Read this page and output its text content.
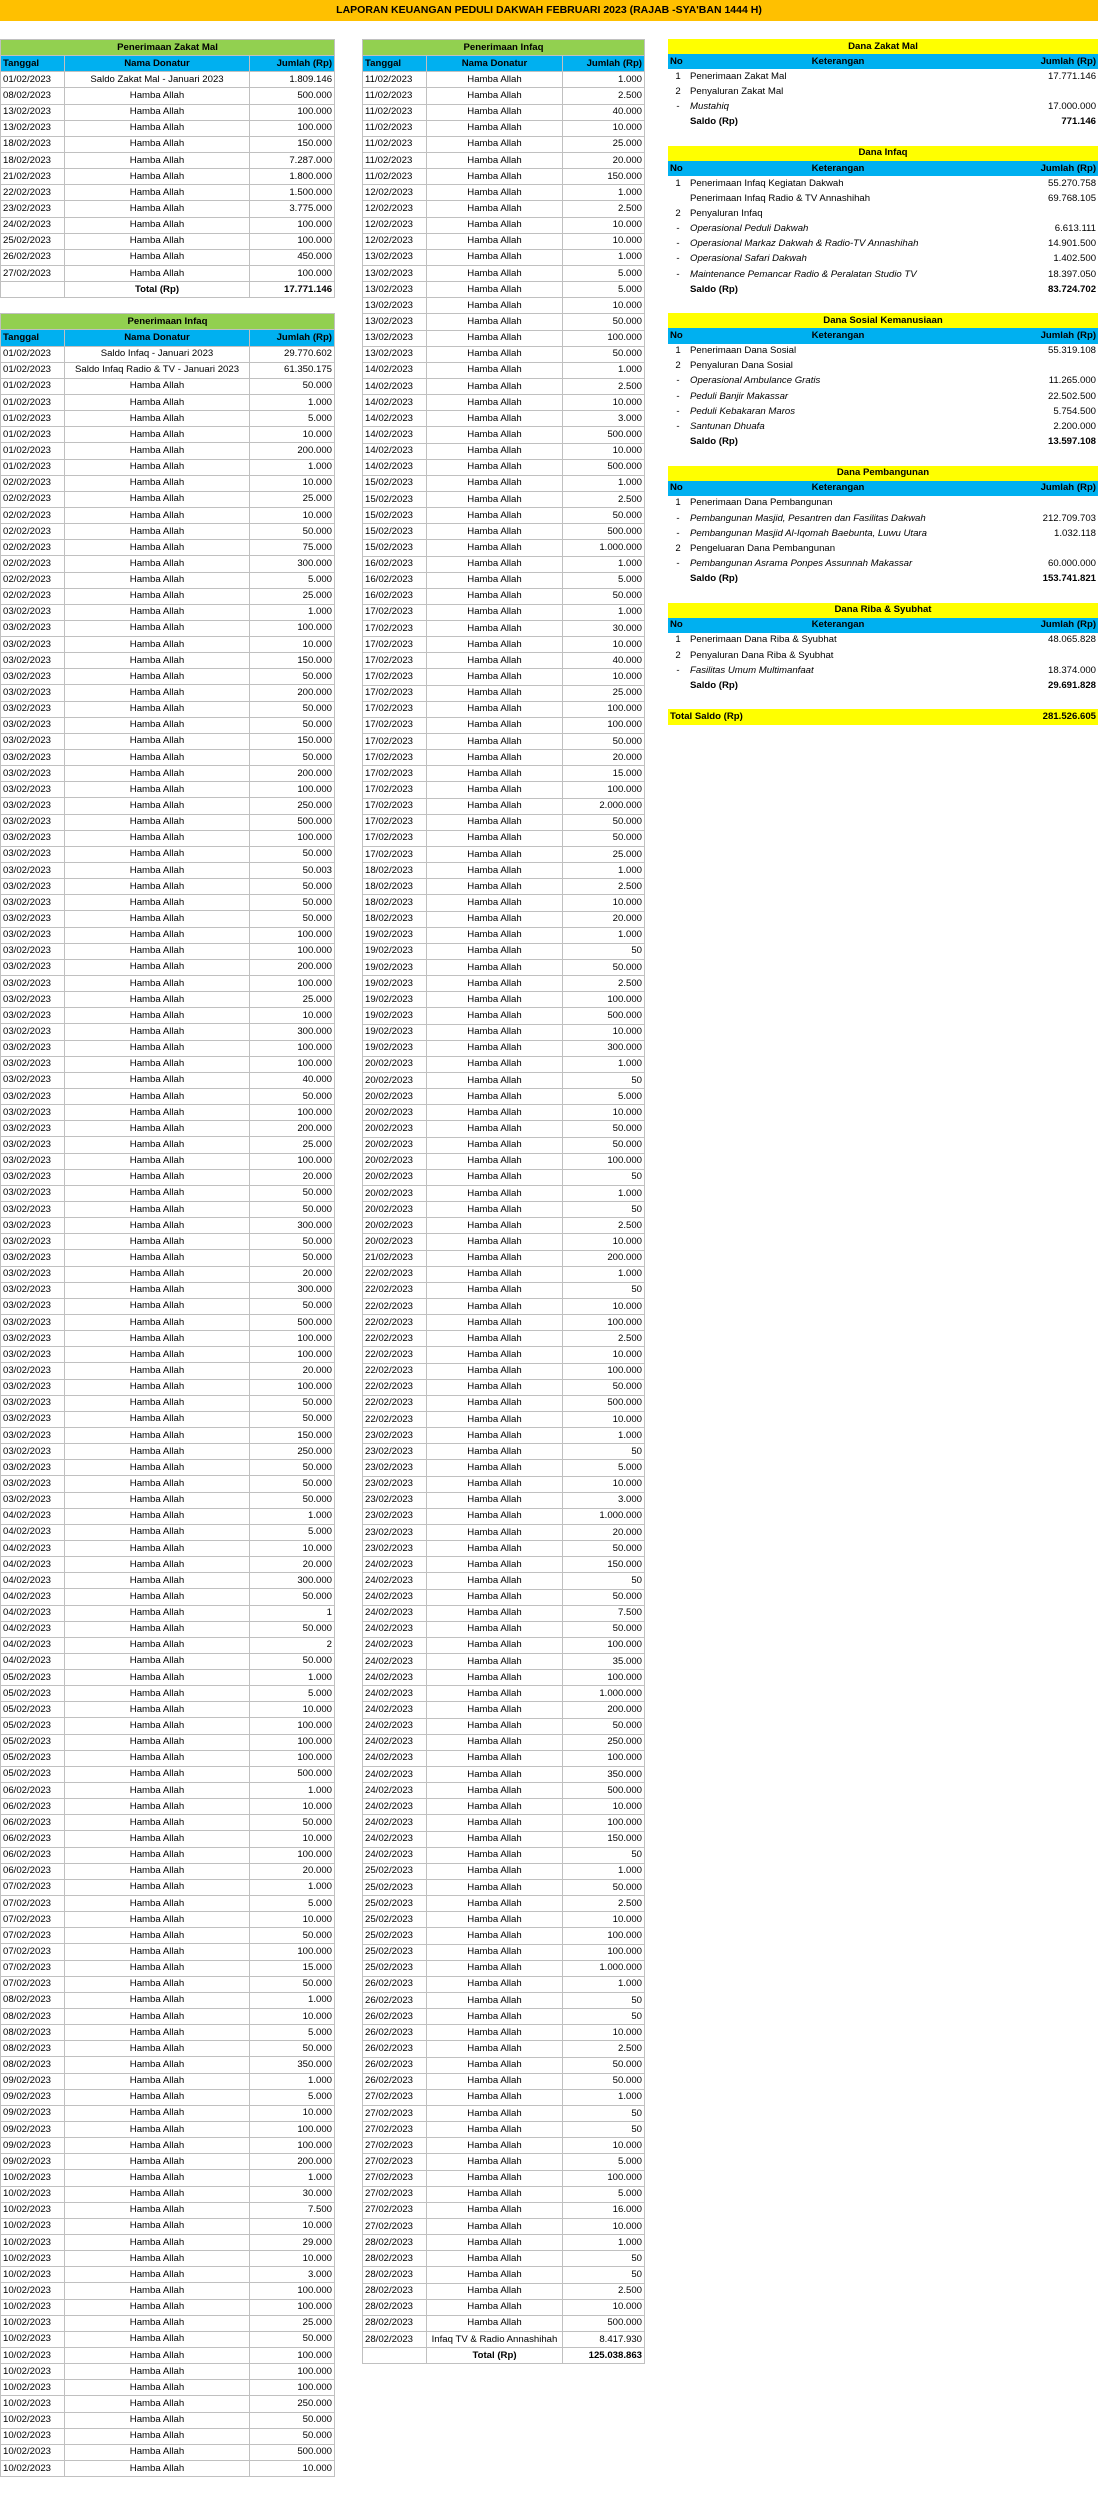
LAPORAN KEUANGAN PEDULI DAKWAH FEBRUARI 2023 (RAJAB -SYA'BAN 1444 H)
Penerimaan Zakat Mal		
Tanggal	Nama Donatur	Jumlah (Rp)
01/02/2023	Saldo Zakat Mal - Januari 2023	1.809.146
08/02/2023	Hamba Allah	500.000
13/02/2023	Hamba Allah	100.000
13/02/2023	Hamba Allah	100.000
18/02/2023	Hamba Allah	150.000
18/02/2023	Hamba Allah	7.287.000
21/02/2023	Hamba Allah	1.800.000
22/02/2023	Hamba Allah	1.500.000
23/02/2023	Hamba Allah	3.775.000
24/02/2023	Hamba Allah	100.000
25/02/2023	Hamba Allah	100.000
26/02/2023	Hamba Allah	450.000
27/02/2023	Hamba Allah	100.000
	Total (Rp)	17.771.146
Penerimaan Infaq		
Tanggal	Nama Donatur	Jumlah (Rp)
01/02/2023	Saldo Infaq - Januari 2023	29.770.602
01/02/2023	Saldo Infaq Radio & TV - Januari 2023	61.350.175
01/02/2023	Hamba Allah	50.000
01/02/2023	Hamba Allah	1.000
01/02/2023	Hamba Allah	5.000
01/02/2023	Hamba Allah	10.000
01/02/2023	Hamba Allah	200.000
01/02/2023	Hamba Allah	1.000
02/02/2023	Hamba Allah	10.000
02/02/2023	Hamba Allah	25.000
02/02/2023	Hamba Allah	10.000
02/02/2023	Hamba Allah	50.000
02/02/2023	Hamba Allah	75.000
02/02/2023	Hamba Allah	300.000
02/02/2023	Hamba Allah	5.000
02/02/2023	Hamba Allah	25.000
03/02/2023	Hamba Allah	1.000
03/02/2023	Hamba Allah	100.000
03/02/2023	Hamba Allah	10.000
03/02/2023	Hamba Allah	150.000
03/02/2023	Hamba Allah	50.000
03/02/2023	Hamba Allah	200.000
03/02/2023	Hamba Allah	50.000
03/02/2023	Hamba Allah	50.000
03/02/2023	Hamba Allah	150.000
03/02/2023	Hamba Allah	50.000
03/02/2023	Hamba Allah	200.000
03/02/2023	Hamba Allah	100.000
03/02/2023	Hamba Allah	250.000
03/02/2023	Hamba Allah	500.000
03/02/2023	Hamba Allah	100.000
03/02/2023	Hamba Allah	50.000
03/02/2023	Hamba Allah	50.003
03/02/2023	Hamba Allah	50.000
03/02/2023	Hamba Allah	50.000
03/02/2023	Hamba Allah	50.000
03/02/2023	Hamba Allah	100.000
03/02/2023	Hamba Allah	100.000
03/02/2023	Hamba Allah	200.000
03/02/2023	Hamba Allah	100.000
03/02/2023	Hamba Allah	25.000
03/02/2023	Hamba Allah	10.000
03/02/2023	Hamba Allah	300.000
03/02/2023	Hamba Allah	100.000
03/02/2023	Hamba Allah	100.000
03/02/2023	Hamba Allah	40.000
03/02/2023	Hamba Allah	50.000
03/02/2023	Hamba Allah	100.000
03/02/2023	Hamba Allah	200.000
03/02/2023	Hamba Allah	25.000
03/02/2023	Hamba Allah	100.000
03/02/2023	Hamba Allah	20.000
03/02/2023	Hamba Allah	50.000
03/02/2023	Hamba Allah	50.000
03/02/2023	Hamba Allah	300.000
03/02/2023	Hamba Allah	50.000
03/02/2023	Hamba Allah	50.000
03/02/2023	Hamba Allah	20.000
03/02/2023	Hamba Allah	300.000
03/02/2023	Hamba Allah	50.000
03/02/2023	Hamba Allah	500.000
03/02/2023	Hamba Allah	100.000
03/02/2023	Hamba Allah	100.000
03/02/2023	Hamba Allah	20.000
03/02/2023	Hamba Allah	100.000
03/02/2023	Hamba Allah	50.000
03/02/2023	Hamba Allah	50.000
03/02/2023	Hamba Allah	150.000
03/02/2023	Hamba Allah	250.000
03/02/2023	Hamba Allah	50.000
03/02/2023	Hamba Allah	50.000
03/02/2023	Hamba Allah	50.000
04/02/2023	Hamba Allah	1.000
04/02/2023	Hamba Allah	5.000
04/02/2023	Hamba Allah	10.000
04/02/2023	Hamba Allah	20.000
04/02/2023	Hamba Allah	300.000
04/02/2023	Hamba Allah	50.000
04/02/2023	Hamba Allah	1
04/02/2023	Hamba Allah	50.000
04/02/2023	Hamba Allah	2
04/02/2023	Hamba Allah	50.000
05/02/2023	Hamba Allah	1.000
05/02/2023	Hamba Allah	5.000
05/02/2023	Hamba Allah	10.000
05/02/2023	Hamba Allah	100.000
05/02/2023	Hamba Allah	100.000
05/02/2023	Hamba Allah	100.000
05/02/2023	Hamba Allah	500.000
06/02/2023	Hamba Allah	1.000
06/02/2023	Hamba Allah	10.000
06/02/2023	Hamba Allah	50.000
06/02/2023	Hamba Allah	10.000
06/02/2023	Hamba Allah	100.000
06/02/2023	Hamba Allah	20.000
07/02/2023	Hamba Allah	1.000
07/02/2023	Hamba Allah	5.000
07/02/2023	Hamba Allah	10.000
07/02/2023	Hamba Allah	50.000
07/02/2023	Hamba Allah	100.000
07/02/2023	Hamba Allah	15.000
07/02/2023	Hamba Allah	50.000
08/02/2023	Hamba Allah	1.000
08/02/2023	Hamba Allah	10.000
08/02/2023	Hamba Allah	5.000
08/02/2023	Hamba Allah	50.000
08/02/2023	Hamba Allah	350.000
09/02/2023	Hamba Allah	1.000
09/02/2023	Hamba Allah	5.000
09/02/2023	Hamba Allah	10.000
09/02/2023	Hamba Allah	100.000
09/02/2023	Hamba Allah	100.000
09/02/2023	Hamba Allah	200.000
10/02/2023	Hamba Allah	1.000
10/02/2023	Hamba Allah	30.000
10/02/2023	Hamba Allah	7.500
10/02/2023	Hamba Allah	10.000
10/02/2023	Hamba Allah	29.000
10/02/2023	Hamba Allah	10.000
10/02/2023	Hamba Allah	3.000
10/02/2023	Hamba Allah	100.000
10/02/2023	Hamba Allah	100.000
10/02/2023	Hamba Allah	25.000
10/02/2023	Hamba Allah	50.000
10/02/2023	Hamba Allah	100.000
10/02/2023	Hamba Allah	100.000
10/02/2023	Hamba Allah	100.000
10/02/2023	Hamba Allah	250.000
10/02/2023	Hamba Allah	50.000
10/02/2023	Hamba Allah	50.000
10/02/2023	Hamba Allah	500.000
10/02/2023	Hamba Allah	10.000
Penerimaan Infaq		
Tanggal	Nama Donatur	Jumlah (Rp)
11/02/2023	Hamba Allah	1.000
11/02/2023	Hamba Allah	2.500
11/02/2023	Hamba Allah	40.000
11/02/2023	Hamba Allah	10.000
11/02/2023	Hamba Allah	25.000
11/02/2023	Hamba Allah	20.000
11/02/2023	Hamba Allah	150.000
12/02/2023	Hamba Allah	1.000
12/02/2023	Hamba Allah	2.500
12/02/2023	Hamba Allah	10.000
12/02/2023	Hamba Allah	10.000
13/02/2023	Hamba Allah	1.000
13/02/2023	Hamba Allah	5.000
13/02/2023	Hamba Allah	5.000
13/02/2023	Hamba Allah	10.000
13/02/2023	Hamba Allah	50.000
13/02/2023	Hamba Allah	100.000
13/02/2023	Hamba Allah	50.000
14/02/2023	Hamba Allah	1.000
14/02/2023	Hamba Allah	2.500
14/02/2023	Hamba Allah	10.000
14/02/2023	Hamba Allah	3.000
14/02/2023	Hamba Allah	500.000
14/02/2023	Hamba Allah	10.000
14/02/2023	Hamba Allah	500.000
15/02/2023	Hamba Allah	1.000
15/02/2023	Hamba Allah	2.500
15/02/2023	Hamba Allah	50.000
15/02/2023	Hamba Allah	500.000
15/02/2023	Hamba Allah	1.000.000
16/02/2023	Hamba Allah	1.000
16/02/2023	Hamba Allah	5.000
16/02/2023	Hamba Allah	50.000
17/02/2023	Hamba Allah	1.000
17/02/2023	Hamba Allah	30.000
17/02/2023	Hamba Allah	10.000
17/02/2023	Hamba Allah	40.000
17/02/2023	Hamba Allah	10.000
17/02/2023	Hamba Allah	25.000
17/02/2023	Hamba Allah	100.000
17/02/2023	Hamba Allah	100.000
17/02/2023	Hamba Allah	50.000
17/02/2023	Hamba Allah	20.000
17/02/2023	Hamba Allah	15.000
17/02/2023	Hamba Allah	100.000
17/02/2023	Hamba Allah	2.000.000
17/02/2023	Hamba Allah	50.000
17/02/2023	Hamba Allah	50.000
17/02/2023	Hamba Allah	25.000
18/02/2023	Hamba Allah	1.000
18/02/2023	Hamba Allah	2.500
18/02/2023	Hamba Allah	10.000
18/02/2023	Hamba Allah	20.000
19/02/2023	Hamba Allah	1.000
19/02/2023	Hamba Allah	50
19/02/2023	Hamba Allah	50.000
19/02/2023	Hamba Allah	2.500
19/02/2023	Hamba Allah	100.000
19/02/2023	Hamba Allah	500.000
19/02/2023	Hamba Allah	10.000
19/02/2023	Hamba Allah	300.000
20/02/2023	Hamba Allah	1.000
20/02/2023	Hamba Allah	50
20/02/2023	Hamba Allah	5.000
20/02/2023	Hamba Allah	10.000
20/02/2023	Hamba Allah	50.000
20/02/2023	Hamba Allah	50.000
20/02/2023	Hamba Allah	100.000
20/02/2023	Hamba Allah	50
20/02/2023	Hamba Allah	1.000
20/02/2023	Hamba Allah	50
20/02/2023	Hamba Allah	2.500
20/02/2023	Hamba Allah	10.000
21/02/2023	Hamba Allah	200.000
22/02/2023	Hamba Allah	1.000
22/02/2023	Hamba Allah	50
22/02/2023	Hamba Allah	10.000
22/02/2023	Hamba Allah	100.000
22/02/2023	Hamba Allah	2.500
22/02/2023	Hamba Allah	10.000
22/02/2023	Hamba Allah	100.000
22/02/2023	Hamba Allah	50.000
22/02/2023	Hamba Allah	500.000
22/02/2023	Hamba Allah	10.000
23/02/2023	Hamba Allah	1.000
23/02/2023	Hamba Allah	50
23/02/2023	Hamba Allah	5.000
23/02/2023	Hamba Allah	10.000
23/02/2023	Hamba Allah	3.000
23/02/2023	Hamba Allah	1.000.000
23/02/2023	Hamba Allah	20.000
23/02/2023	Hamba Allah	50.000
24/02/2023	Hamba Allah	150.000
24/02/2023	Hamba Allah	50
24/02/2023	Hamba Allah	50.000
24/02/2023	Hamba Allah	7.500
24/02/2023	Hamba Allah	50.000
24/02/2023	Hamba Allah	100.000
24/02/2023	Hamba Allah	35.000
24/02/2023	Hamba Allah	100.000
24/02/2023	Hamba Allah	1.000.000
24/02/2023	Hamba Allah	200.000
24/02/2023	Hamba Allah	50.000
24/02/2023	Hamba Allah	250.000
24/02/2023	Hamba Allah	100.000
24/02/2023	Hamba Allah	350.000
24/02/2023	Hamba Allah	500.000
24/02/2023	Hamba Allah	10.000
24/02/2023	Hamba Allah	100.000
24/02/2023	Hamba Allah	150.000
24/02/2023	Hamba Allah	50
25/02/2023	Hamba Allah	1.000
25/02/2023	Hamba Allah	50.000
25/02/2023	Hamba Allah	2.500
25/02/2023	Hamba Allah	10.000
25/02/2023	Hamba Allah	100.000
25/02/2023	Hamba Allah	100.000
25/02/2023	Hamba Allah	1.000.000
26/02/2023	Hamba Allah	1.000
26/02/2023	Hamba Allah	50
26/02/2023	Hamba Allah	50
26/02/2023	Hamba Allah	10.000
26/02/2023	Hamba Allah	2.500
26/02/2023	Hamba Allah	50.000
26/02/2023	Hamba Allah	50.000
27/02/2023	Hamba Allah	1.000
27/02/2023	Hamba Allah	50
27/02/2023	Hamba Allah	50
27/02/2023	Hamba Allah	10.000
27/02/2023	Hamba Allah	5.000
27/02/2023	Hamba Allah	100.000
27/02/2023	Hamba Allah	5.000
27/02/2023	Hamba Allah	16.000
27/02/2023	Hamba Allah	10.000
28/02/2023	Hamba Allah	1.000
28/02/2023	Hamba Allah	50
28/02/2023	Hamba Allah	50
28/02/2023	Hamba Allah	2.500
28/02/2023	Hamba Allah	10.000
28/02/2023	Hamba Allah	500.000
28/02/2023	Infaq TV & Radio Annashihah	8.417.930
	Total (Rp)	125.038.863
Dana Zakat Mal		
No	Keterangan	Jumlah (Rp)
1	Penerimaan Zakat Mal	17.771.146
2	Penyaluran Zakat Mal	
-	Mustahiq	17.000.000
	Saldo (Rp)	771.146
Dana Infaq		
No	Keterangan	Jumlah (Rp)
1	Penerimaan Infaq Kegiatan Dakwah	55.270.758
	Penerimaan Infaq Radio & TV Annashihah	69.768.105
2	Penyaluran Infaq	
-	Operasional Peduli Dakwah	6.613.111
-	Operasional Markaz Dakwah & Radio-TV Annashihah	14.901.500
-	Operasional Safari Dakwah	1.402.500
-	Maintenance Pemancar Radio & Peralatan Studio TV	18.397.050
	Saldo (Rp)	83.724.702
Dana Sosial Kemanusiaan		
No	Keterangan	Jumlah (Rp)
1	Penerimaan Dana Sosial	55.319.108
2	Penyaluran Dana Sosial	
-	Operasional Ambulance Gratis	11.265.000
-	Peduli Banjir Makassar	22.502.500
-	Peduli Kebakaran Maros	5.754.500
-	Santunan Dhuafa	2.200.000
	Saldo (Rp)	13.597.108
Dana Pembangunan		
No	Keterangan	Jumlah (Rp)
1	Penerimaan Dana Pembangunan	
-	Pembangunan Masjid, Pesantren dan Fasilitas Dakwah	212.709.703
-	Pembangunan Masjid Al-Iqomah Baebunta, Luwu Utara	1.032.118
2	Pengeluaran Dana Pembangunan	
-	Pembangunan Asrama Ponpes Assunnah Makassar	60.000.000
	Saldo (Rp)	153.741.821
Dana Riba & Syubhat		
No	Keterangan	Jumlah (Rp)
1	Penerimaan Dana Riba & Syubhat	48.065.828
2	Penyaluran Dana Riba & Syubhat	
-	Fasilitas Umum Multimanfaat	18.374.000
	Saldo (Rp)	29.691.828
Total Saldo (Rp)	281.526.605
